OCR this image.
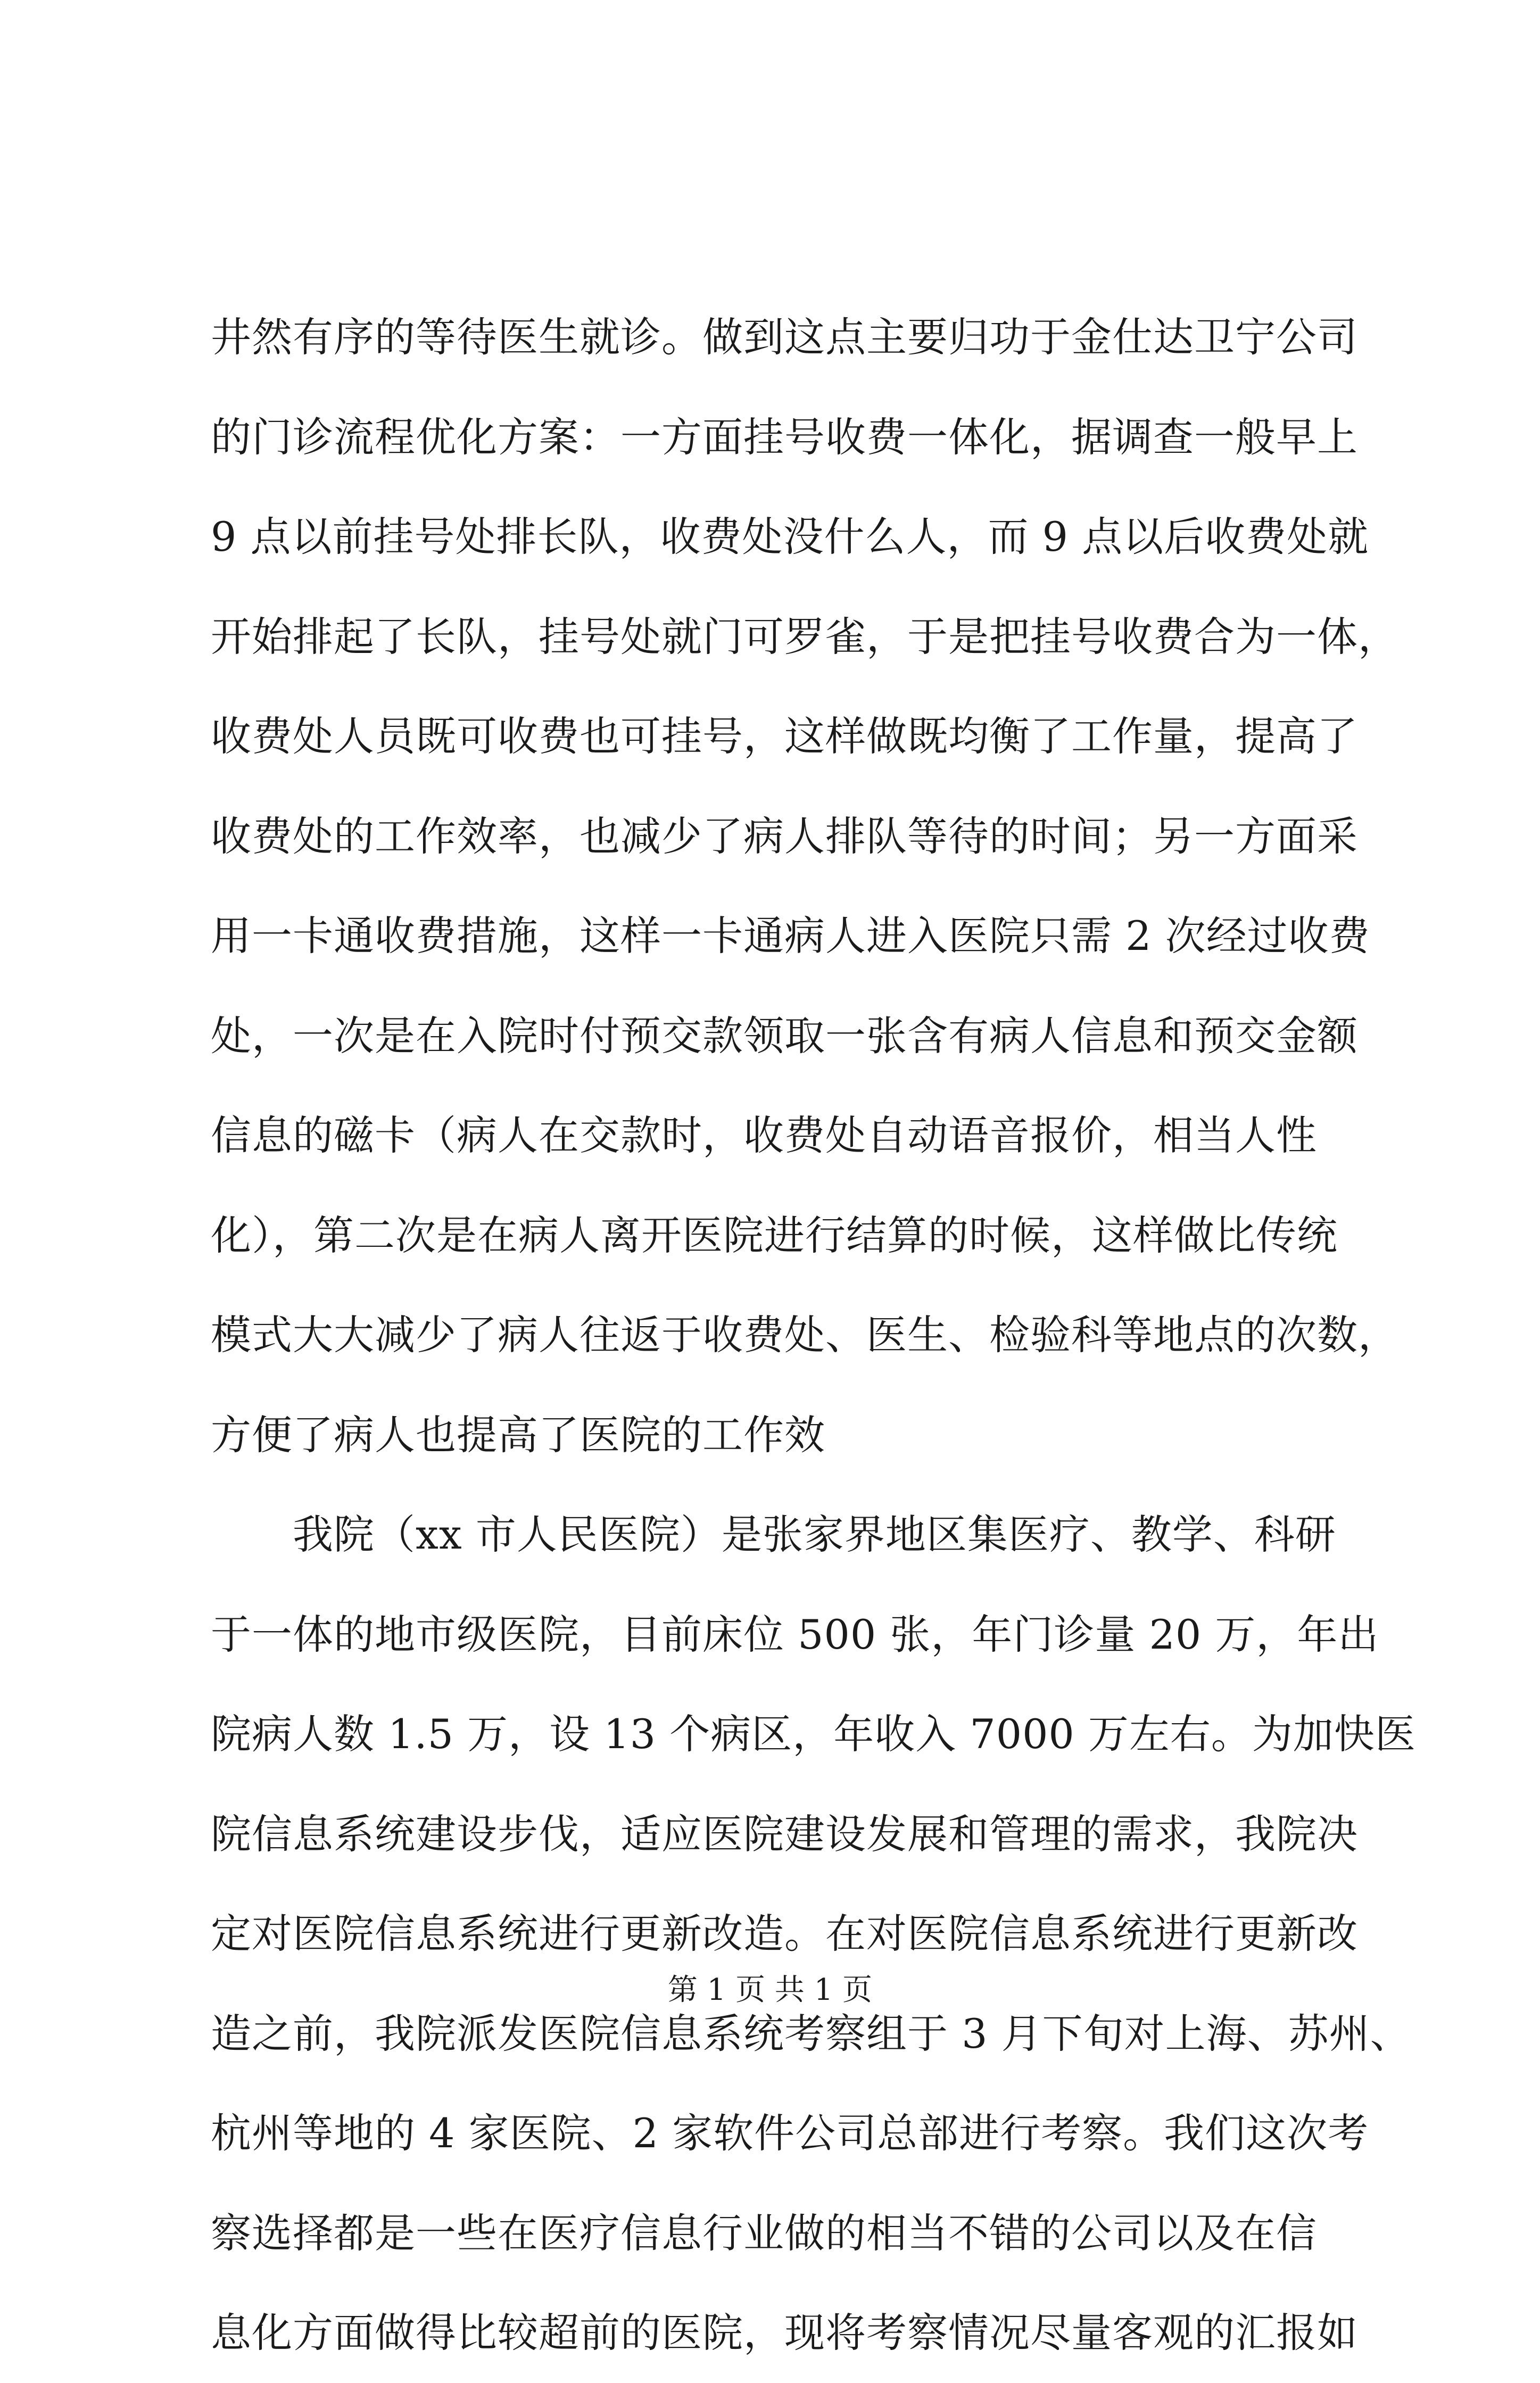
井然有序的等待医生就诊。做到这点主要归功于金仕达卫宁公司
的门诊流程优化方案：一方面挂号收费一体化，据调查一般早上
9 点以前挂号处排长队，收费处没什么人，而 9 点以后收费处就
开始排起了长队，挂号处就门可罗雀，于是把挂号收费合为一体，
收费处人员既可收费也可挂号，这样做既均衡了工作量，提高了
收费处的工作效率，也减少了病人排队等待的时间；另一方面采
用一卡通收费措施，这样一卡通病人进入医院只需 2 次经过收费
处，一次是在入院时付预交款领取一张含有病人信息和预交金额
信息的磁卡（病人在交款时，收费处自动语音报价，相当人性
化），第二次是在病人离开医院进行结算的时候，这样做比传统
模式大大减少了病人往返于收费处、医生、检验科等地点的次数，
方便了病人也提高了医院的工作效
　　我院（xx 市人民医院）是张家界地区集医疗、教学、科研
于一体的地市级医院，目前床位 500 张，年门诊量 20 万，年出
院病人数 1.5 万，设 13 个病区，年收入 7000 万左右。为加快医
院信息系统建设步伐，适应医院建设发展和管理的需求，我院决
定对医院信息系统进行更新改造。在对医院信息系统进行更新改
造之前，我院派发医院信息系统考察组于 3 月下旬对上海、苏州、
杭州等地的 4 家医院、2 家软件公司总部进行考察。我们这次考
察选择都是一些在医疗信息行业做的相当不错的公司以及在信
息化方面做得比较超前的医院，现将考察情况尽量客观的汇报如
第 1 页 共 1 页
